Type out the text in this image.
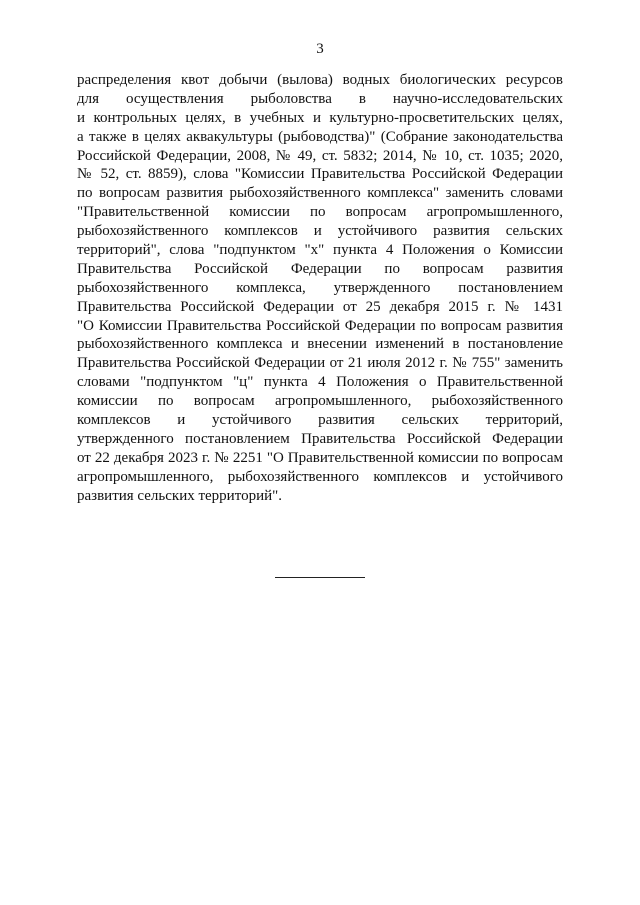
3
распределения квот добычи (вылова) водных биологических ресурсов
для осуществления рыболовства в научно-исследовательских
и контрольных целях, в учебных и культурно-просветительских целях,
а также в целях аквакультуры (рыбоводства)" (Собрание законодательства
Российской Федерации, 2008, № 49, ст. 5832; 2014, № 10, ст. 1035; 2020,
№ 52, ст. 8859), слова "Комиссии Правительства Российской Федерации
по вопросам развития рыбохозяйственного комплекса" заменить словами
"Правительственной комиссии по вопросам агропромышленного,
рыбохозяйственного комплексов и устойчивого развития сельских
территорий", слова "подпунктом "х" пункта 4 Положения о Комиссии
Правительства Российской Федерации по вопросам развития
рыбохозяйственного комплекса, утвержденного постановлением
Правительства Российской Федерации от 25 декабря 2015 г. № 1431
"О Комиссии Правительства Российской Федерации по вопросам развития
рыбохозяйственного комплекса и внесении изменений в постановление
Правительства Российской Федерации от 21 июля 2012 г. № 755" заменить
словами "подпунктом "ц" пункта 4 Положения о Правительственной
комиссии по вопросам агропромышленного, рыбохозяйственного
комплексов и устойчивого развития сельских территорий,
утвержденного постановлением Правительства Российской Федерации
от 22 декабря 2023 г. № 2251 "О Правительственной комиссии по вопросам
агропромышленного, рыбохозяйственного комплексов и устойчивого
развития сельских территорий".
